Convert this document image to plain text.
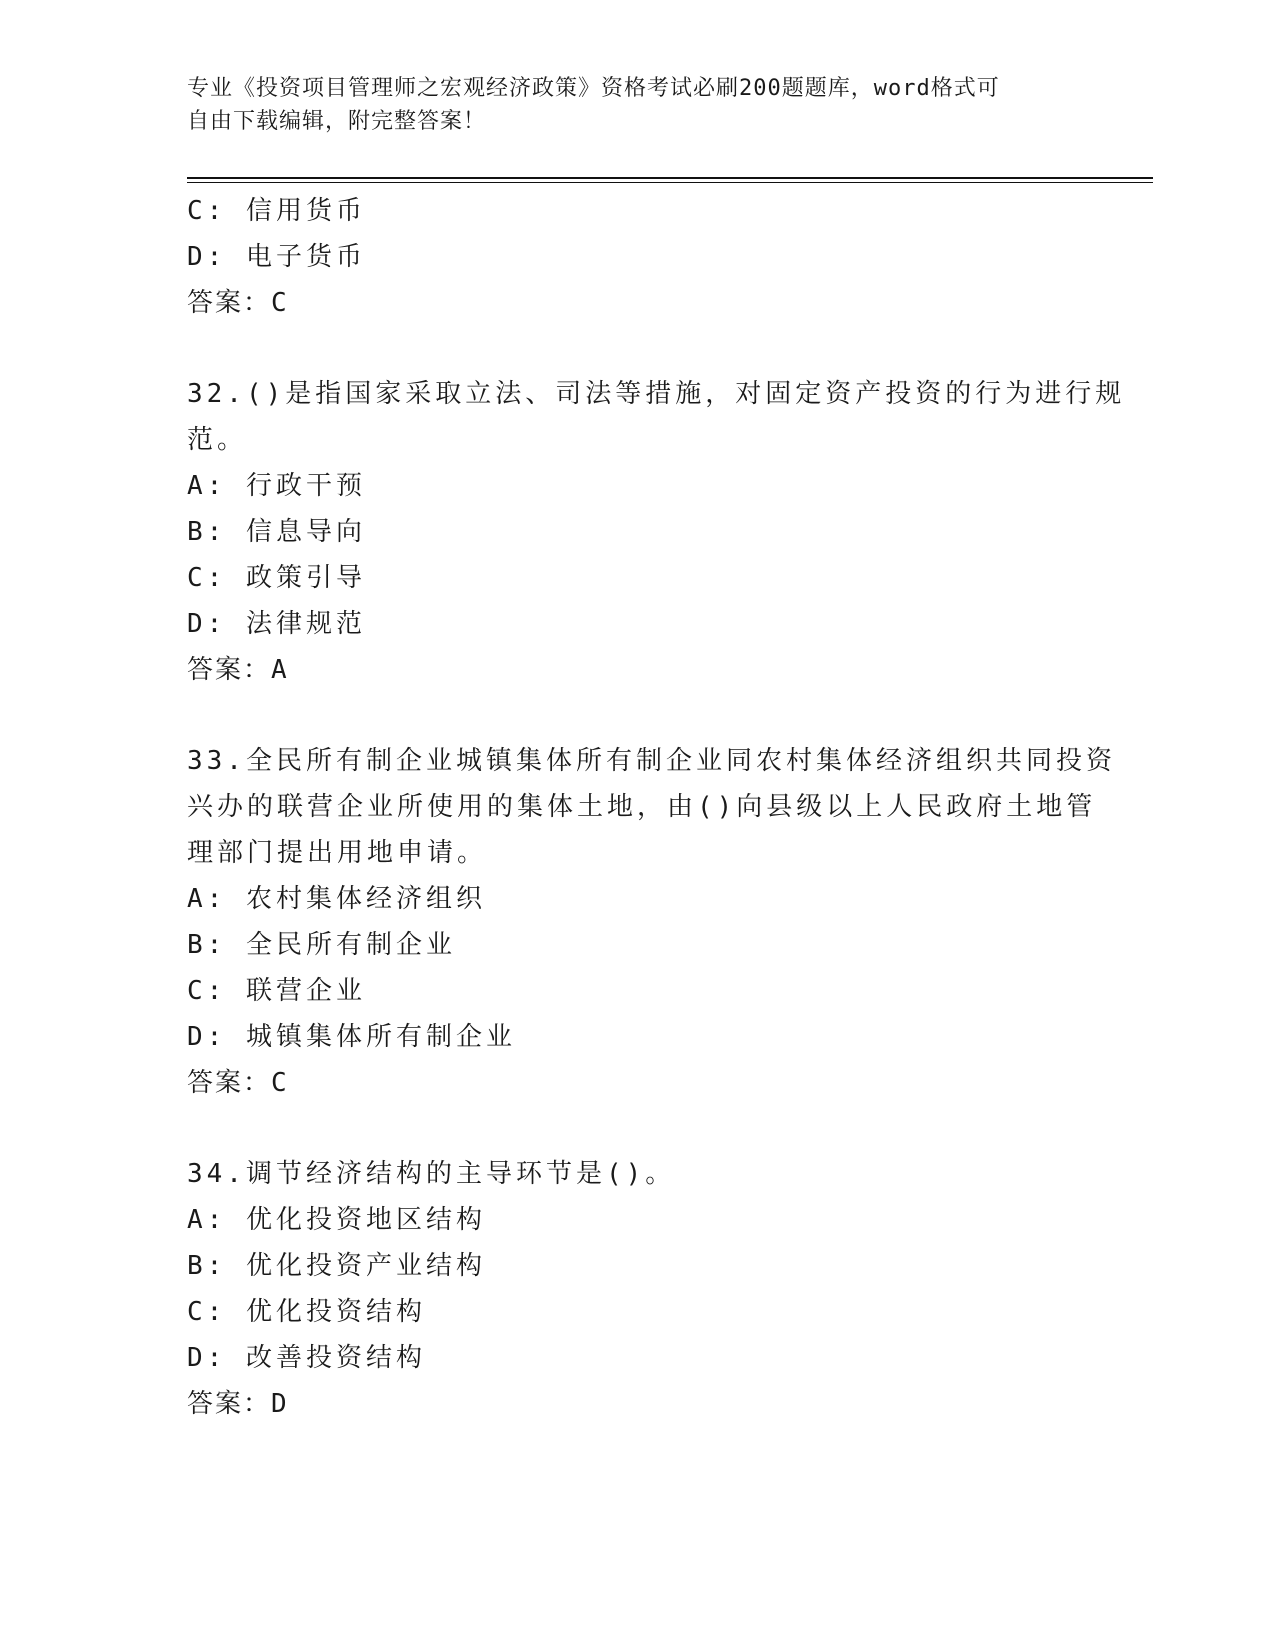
专业《投资项目管理师之宏观经济政策》资格考试必刷200题题库，word格式可
自由下载编辑，附完整答案！
C: 信用货币
D: 电子货币
答案：C
32.()是指国家采取立法、司法等措施，对固定资产投资的行为进行规
范。
A: 行政干预
B: 信息导向
C: 政策引导
D: 法律规范
答案：A
33.全民所有制企业城镇集体所有制企业同农村集体经济组织共同投资
兴办的联营企业所使用的集体土地，由()向县级以上人民政府土地管
理部门提出用地申请。
A: 农村集体经济组织
B: 全民所有制企业
C: 联营企业
D: 城镇集体所有制企业
答案：C
34.调节经济结构的主导环节是()。
A: 优化投资地区结构
B: 优化投资产业结构
C: 优化投资结构
D: 改善投资结构
答案：D
